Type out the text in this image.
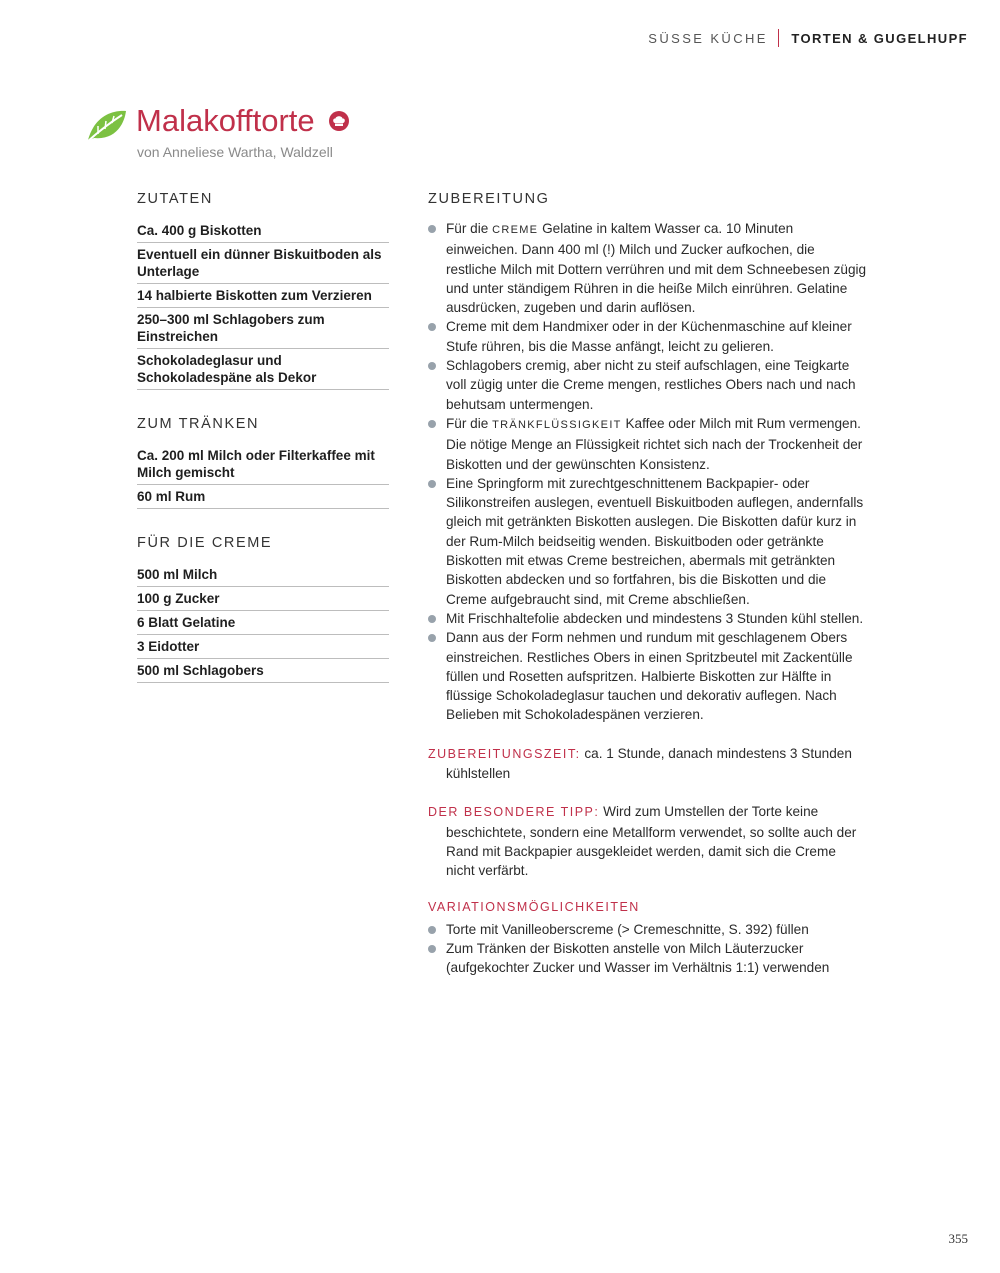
SÜSSE KÜCHE TORTEN & GUGELHUPF
Malakofftorte
von Anneliese Wartha, Waldzell
ZUTATEN
Ca. 400 g Biskotten
Eventuell ein dünner Biskuitboden als Unterlage
14 halbierte Biskotten zum Verzieren
250–300 ml Schlagobers zum Einstreichen
Schokoladeglasur und Schokoladespäne als Dekor
ZUM TRÄNKEN
Ca. 200 ml Milch oder Filterkaffee mit Milch gemischt
60 ml Rum
FÜR DIE CREME
500 ml Milch
100 g Zucker
6 Blatt Gelatine
3 Eidotter
500 ml Schlagobers
ZUBEREITUNG
Für die CREME Gelatine in kaltem Wasser ca. 10 Minuten einweichen. Dann 400 ml (!) Milch und Zucker aufkochen, die restliche Milch mit Dottern verrühren und mit dem Schneebesen zügig und unter ständigem Rühren in die heiße Milch einrühren. Gelatine ausdrücken, zugeben und darin auflösen.
Creme mit dem Handmixer oder in der Küchenmaschine auf kleiner Stufe rühren, bis die Masse anfängt, leicht zu gelieren.
Schlagobers cremig, aber nicht zu steif aufschlagen, eine Teigkarte voll zügig unter die Creme mengen, restliches Obers nach und nach behutsam untermengen.
Für die TRÄNKFLÜSSIGKEIT Kaffee oder Milch mit Rum vermengen. Die nötige Menge an Flüssigkeit richtet sich nach der Trockenheit der Biskotten und der gewünschten Konsistenz.
Eine Springform mit zurechtgeschnittenem Backpapier- oder Silikonstreifen auslegen, eventuell Biskuitboden auflegen, andernfalls gleich mit getränkten Biskotten auslegen. Die Biskotten dafür kurz in der Rum-Milch beidseitig wenden. Biskuitboden oder getränkte Biskotten mit etwas Creme bestreichen, abermals mit getränkten Biskotten abdecken und so fortfahren, bis die Biskotten und die Creme aufgebraucht sind, mit Creme abschließen.
Mit Frischhaltefolie abdecken und mindestens 3 Stunden kühl stellen.
Dann aus der Form nehmen und rundum mit geschlagenem Obers einstreichen. Restliches Obers in einen Spritzbeutel mit Zackentülle füllen und Rosetten aufspritzen. Halbierte Biskotten zur Hälfte in flüssige Schokoladeglasur tauchen und dekorativ auflegen. Nach Belieben mit Schokoladespänen verzieren.
ZUBEREITUNGSZEIT: ca. 1 Stunde, danach mindestens 3 Stunden kühlstellen
DER BESONDERE TIPP: Wird zum Umstellen der Torte keine beschichtete, sondern eine Metallform verwendet, so sollte auch der Rand mit Backpapier ausgekleidet werden, damit sich die Creme nicht verfärbt.
VARIATIONSMÖGLICHKEITEN
Torte mit Vanilleoberscreme (> Cremeschnitte, S. 392) füllen
Zum Tränken der Biskotten anstelle von Milch Läuterzucker (aufgekochter Zucker und Wasser im Verhältnis 1:1) verwenden
355
